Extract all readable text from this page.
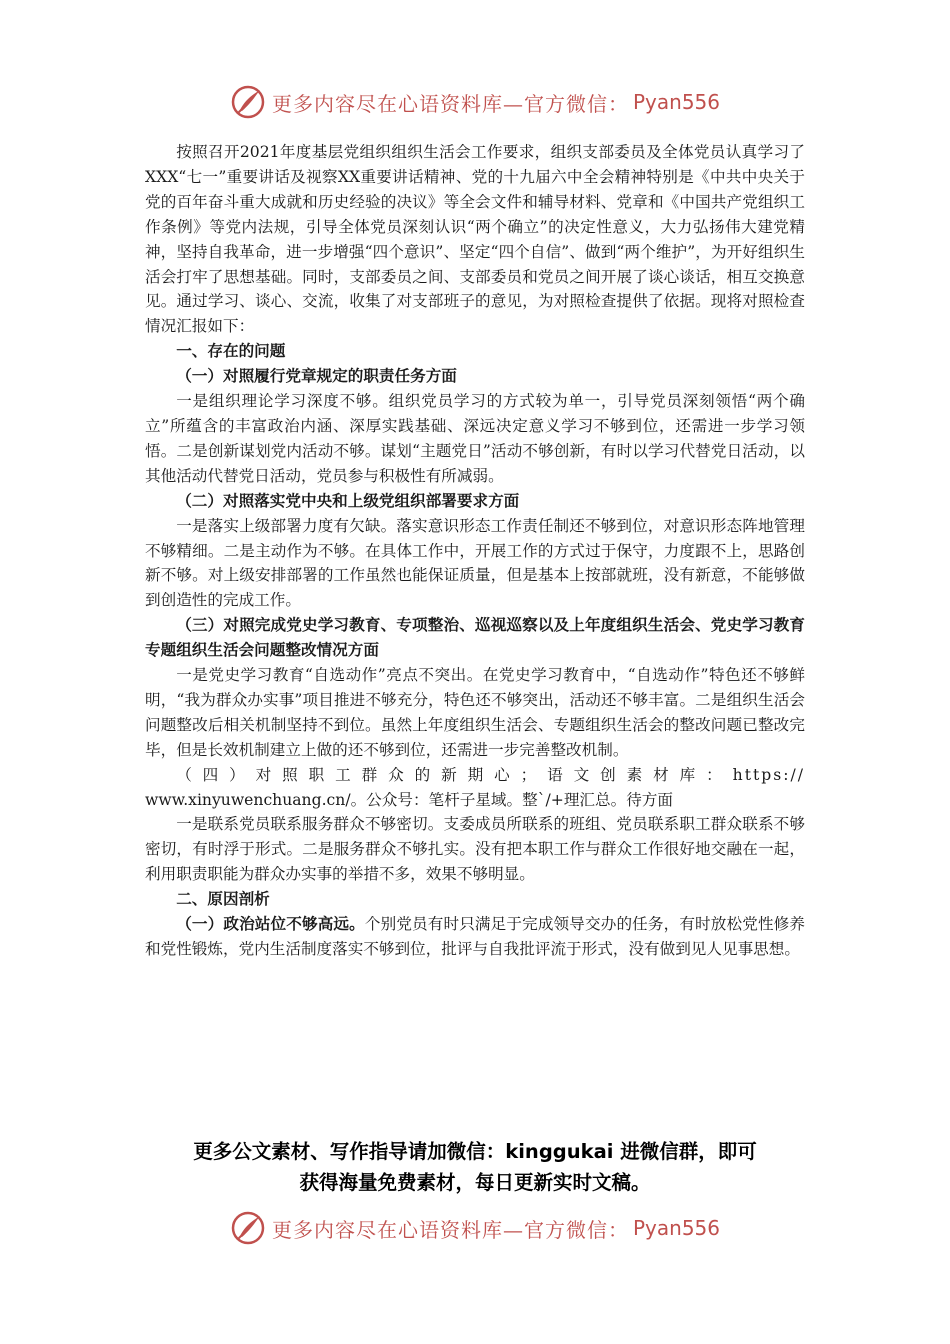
更多内容尽在心语资料库—官方微信： Pyan556

按照召开2021年度基层党组织组织生活会工作要求，组织支部委员及全体党员认真学习了XXX“七一”重要讲话及视察XX重要讲话精神、党的十九届六中全会精神特别是《中共中央关于党的百年奋斗重大成就和历史经验的决议》等全会文件和辅导材料、党章和《中国共产党组织工作条例》等党内法规，引导全体党员深刻认识“两个确立”的决定性意义，大力弘扬伟大建党精神，坚持自我革命，进一步增强“四个意识”、坚定“四个自信”、做到“两个维护”，为开好组织生活会打牢了思想基础。同时，支部委员之间、支部委员和党员之间开展了谈心谈话，相互交换意见。通过学习、谈心、交流，收集了对支部班子的意见，为对照检查提供了依据。现将对照检查情况汇报如下：

一、存在的问题

（一）对照履行党章规定的职责任务方面

一是组织理论学习深度不够。组织党员学习的方式较为单一，引导党员深刻领悟“两个确立”所蕴含的丰富政治内涵、深厚实践基础、深远决定意义学习不够到位，还需进一步学习领悟。二是创新谋划党内活动不够。谋划“主题党日”活动不够创新，有时以学习代替党日活动，以其他活动代替党日活动，党员参与积极性有所减弱。

（二）对照落实党中央和上级党组织部署要求方面

一是落实上级部署力度有欠缺。落实意识形态工作责任制还不够到位，对意识形态阵地管理不够精细。二是主动作为不够。在具体工作中，开展工作的方式过于保守，力度跟不上，思路创新不够。对上级安排部署的工作虽然也能保证质量，但是基本上按部就班，没有新意，不能够做到创造性的完成工作。

（三）对照完成党史学习教育、专项整治、巡视巡察以及上年度组织生活会、党史学习教育专题组织生活会问题整改情况方面

一是党史学习教育“自选动作”亮点不突出。在党史学习教育中，“自选动作”特色还不够鲜明，“我为群众办实事”项目推进不够充分，特色还不够突出，活动还不够丰富。二是组织生活会问题整改后相关机制坚持不到位。虽然上年度组织生活会、专题组织生活会的整改问题已整改完毕，但是长效机制建立上做的还不够到位，还需进一步完善整改机制。

（四）对照职工群众的新期心；语文创素材库：https://

www.xinyuwenchuang.cn/。公众号：笔杆子星域。整`/+理汇总。待方面

一是联系党员联系服务群众不够密切。支委成员所联系的班组、党员联系职工群众联系不够密切，有时浮于形式。二是服务群众不够扎实。没有把本职工作与群众工作很好地交融在一起，利用职责职能为群众办实事的举措不多，效果不够明显。

二、原因剖析

（一）政治站位不够高远。个别党员有时只满足于完成领导交办的任务，有时放松党性修养和党性锻炼，党内生活制度落实不够到位，批评与自我批评流于形式，没有做到见人见事思想。

更多公文素材、写作指导请加微信：kinggukai 进微信群，即可
获得海量免费素材，每日更新实时文稿。
更多内容尽在心语资料库—官方微信： Pyan556
